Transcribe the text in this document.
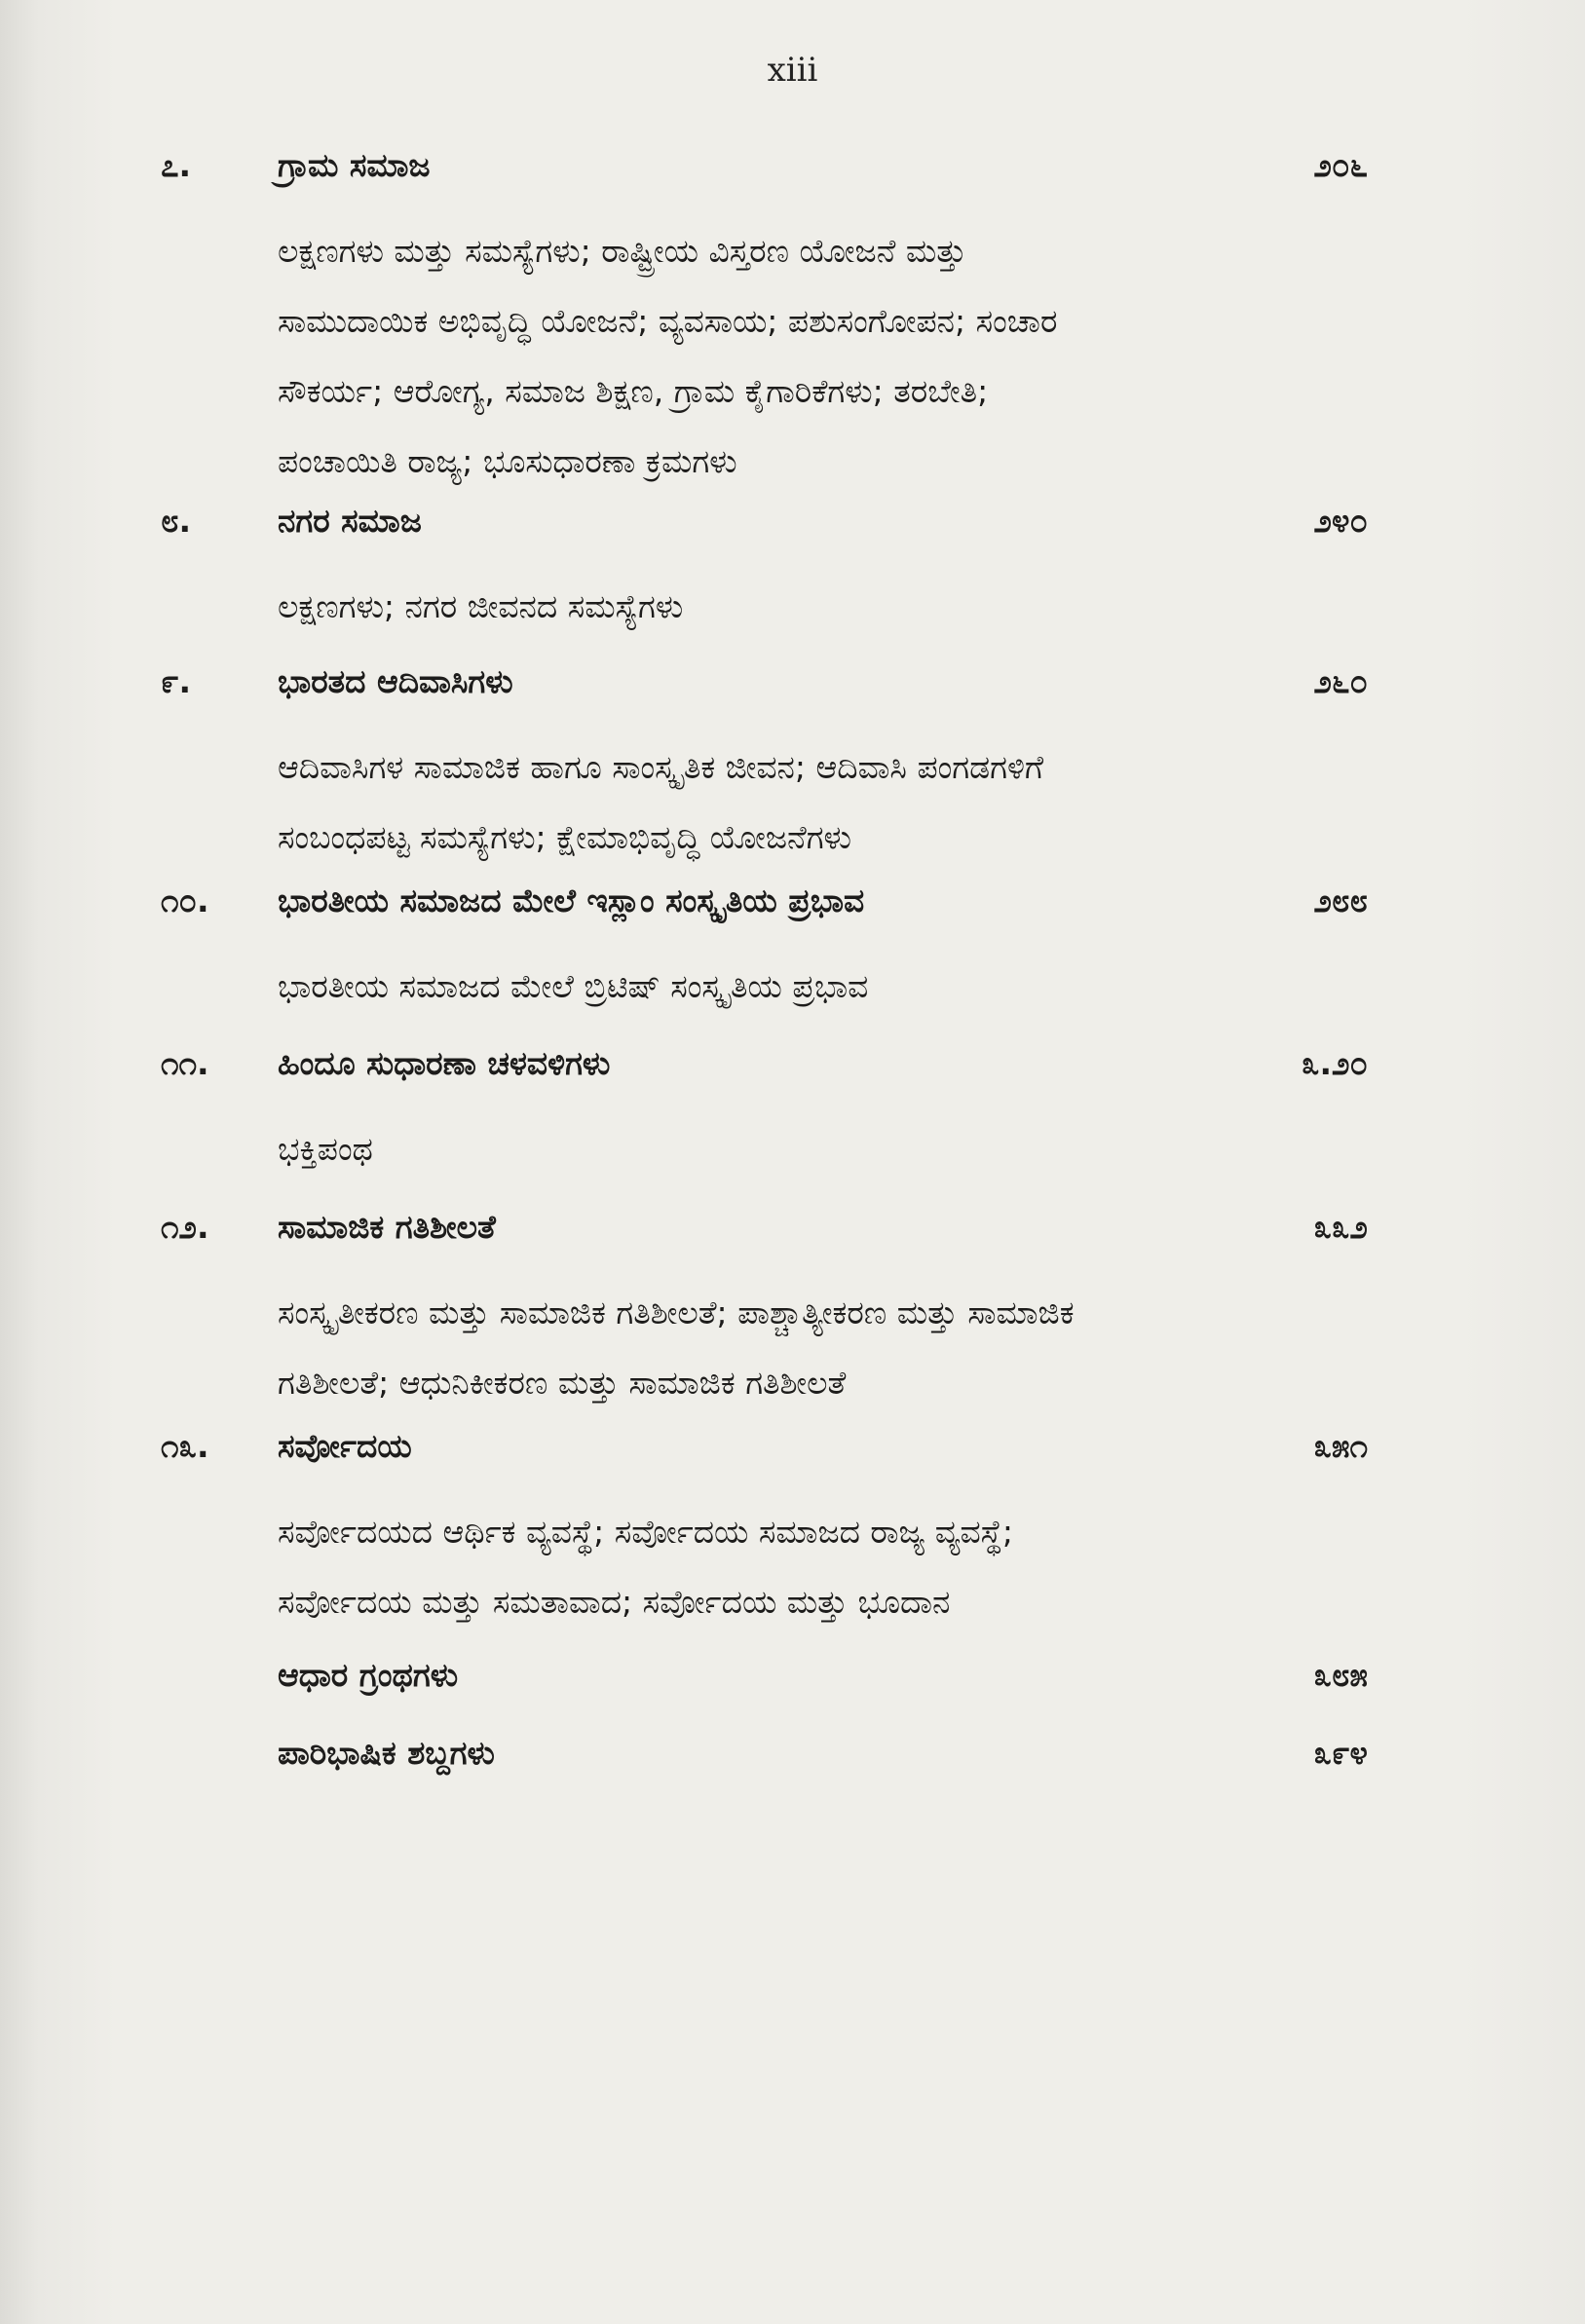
xiii
೭.	ಗ್ರಾಮ ಸಮಾಜ	೨೦೬
ಲಕ್ಷಣಗಳು ಮತ್ತು ಸಮಸ್ಯೆಗಳು; ರಾಷ್ಟ್ರೀಯ ವಿಸ್ತರಣ ಯೋಜನೆ ಮತ್ತು
ಸಾಮುದಾಯಿಕ ಅಭಿವೃದ್ಧಿ ಯೋಜನೆ; ವ್ಯವಸಾಯ; ಪಶುಸಂಗೋಪನ; ಸಂಚಾರ
ಸೌಕರ್ಯ; ಆರೋಗ್ಯ, ಸಮಾಜ ಶಿಕ್ಷಣ, ಗ್ರಾಮ ಕೈಗಾರಿಕೆಗಳು; ತರಬೇತಿ;
ಪಂಚಾಯಿತಿ ರಾಜ್ಯ; ಭೂಸುಧಾರಣಾ ಕ್ರಮಗಳು
೮.	ನಗರ ಸಮಾಜ	೨೪೦
ಲಕ್ಷಣಗಳು; ನಗರ ಜೀವನದ ಸಮಸ್ಯೆಗಳು
೯.	ಭಾರತದ ಆದಿವಾಸಿಗಳು	೨೬೦
ಆದಿವಾಸಿಗಳ ಸಾಮಾಜಿಕ ಹಾಗೂ ಸಾಂಸ್ಕೃತಿಕ ಜೀವನ; ಆದಿವಾಸಿ ಪಂಗಡಗಳಿಗೆ
ಸಂಬಂಧಪಟ್ಟ ಸಮಸ್ಯೆಗಳು; ಕ್ಷೇಮಾಭಿವೃದ್ಧಿ ಯೋಜನೆಗಳು
೧೦. ಭಾರತೀಯ ಸಮಾಜದ ಮೇಲೆ ಇಸ್ಲಾಂ ಸಂಸ್ಕೃತಿಯ ಪ್ರಭಾವ	೨೮೮
ಭಾರತೀಯ ಸಮಾಜದ ಮೇಲೆ ಬ್ರಿಟಿಷ್ ಸಂಸ್ಕೃತಿಯ ಪ್ರಭಾವ
೧೧. ಹಿಂದೂ ಸುಧಾರಣಾ ಚಳವಳಿಗಳು	೩.೨೦
ಭಕ್ತಿಪಂಥ
೧೨. ಸಾಮಾಜಿಕ ಗತಿಶೀಲತೆ	೩೩೨
ಸಂಸ್ಕೃತೀಕರಣ ಮತ್ತು ಸಾಮಾಜಿಕ ಗತಿಶೀಲತೆ; ಪಾಶ್ಚಾತ್ಯೀಕರಣ ಮತ್ತು ಸಾಮಾಜಿಕ
ಗತಿಶೀಲತೆ; ಆಧುನಿಕೀಕರಣ ಮತ್ತು ಸಾಮಾಜಿಕ ಗತಿಶೀಲತೆ
೧೩. ಸರ್ವೋದಯ	೩೫೧
ಸರ್ವೋದಯದ ಆರ್ಥಿಕ ವ್ಯವಸ್ಥೆ; ಸರ್ವೋದಯ ಸಮಾಜದ ರಾಜ್ಯ ವ್ಯವಸ್ಥೆ;
ಸರ್ವೋದಯ ಮತ್ತು ಸಮತಾವಾದ; ಸರ್ವೋದಯ ಮತ್ತು ಭೂದಾನ
ಆಧಾರ ಗ್ರಂಥಗಳು	೩೮೫
ಪಾರಿಭಾಷಿಕ ಶಬ್ದಗಳು	೩೯೪
